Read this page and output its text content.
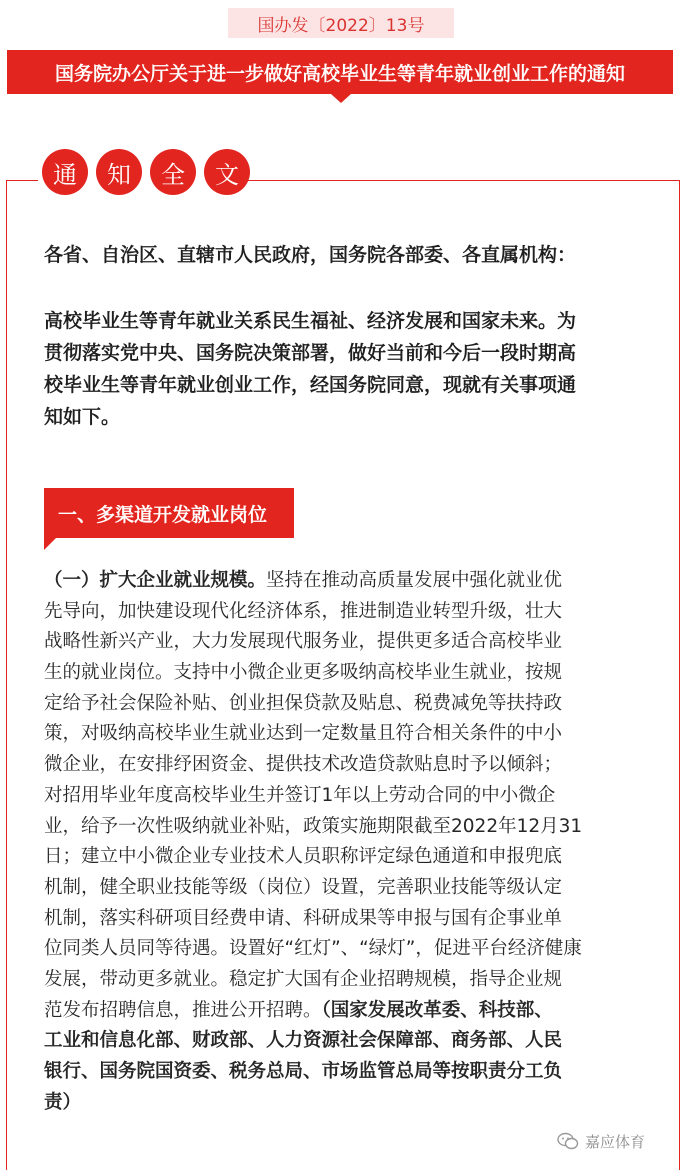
国办发〔2022〕13号
国务院办公厅关于进一步做好高校毕业生等青年就业创业工作的通知
通	知	全	文
各省、自治区、直辖市人民政府，国务院各部委、各直属机构：
高校毕业生等青年就业关系民生福祉、经济发展和国家未来。为
贯彻落实党中央、国务院决策部署，做好当前和今后一段时期高
校毕业生等青年就业创业工作，经国务院同意，现就有关事项通
知如下。
一、多渠道开发就业岗位
（一）扩大企业就业规模。坚持在推动高质量发展中强化就业优
先导向，加快建设现代化经济体系，推进制造业转型升级，壮大
战略性新兴产业，大力发展现代服务业，提供更多适合高校毕业
生的就业岗位。支持中小微企业更多吸纳高校毕业生就业，按规
定给予社会保险补贴、创业担保贷款及贴息、税费减免等扶持政
策，对吸纳高校毕业生就业达到一定数量且符合相关条件的中小
微企业，在安排纾困资金、提供技术改造贷款贴息时予以倾斜；
对招用毕业年度高校毕业生并签订1年以上劳动合同的中小微企
业，给予一次性吸纳就业补贴，政策实施期限截至2022年12月31
日；建立中小微企业专业技术人员职称评定绿色通道和申报兜底
机制，健全职业技能等级（岗位）设置，完善职业技能等级认定
机制，落实科研项目经费申请、科研成果等申报与国有企事业单
位同类人员同等待遇。设置好“红灯”、“绿灯”，促进平台经济健康
发展，带动更多就业。稳定扩大国有企业招聘规模，指导企业规
范发布招聘信息，推进公开招聘。（国家发展改革委、科技部、
工业和信息化部、财政部、人力资源社会保障部、商务部、人民
银行、国务院国资委、税务总局、市场监管总局等按职责分工负
责）
嘉应体育
